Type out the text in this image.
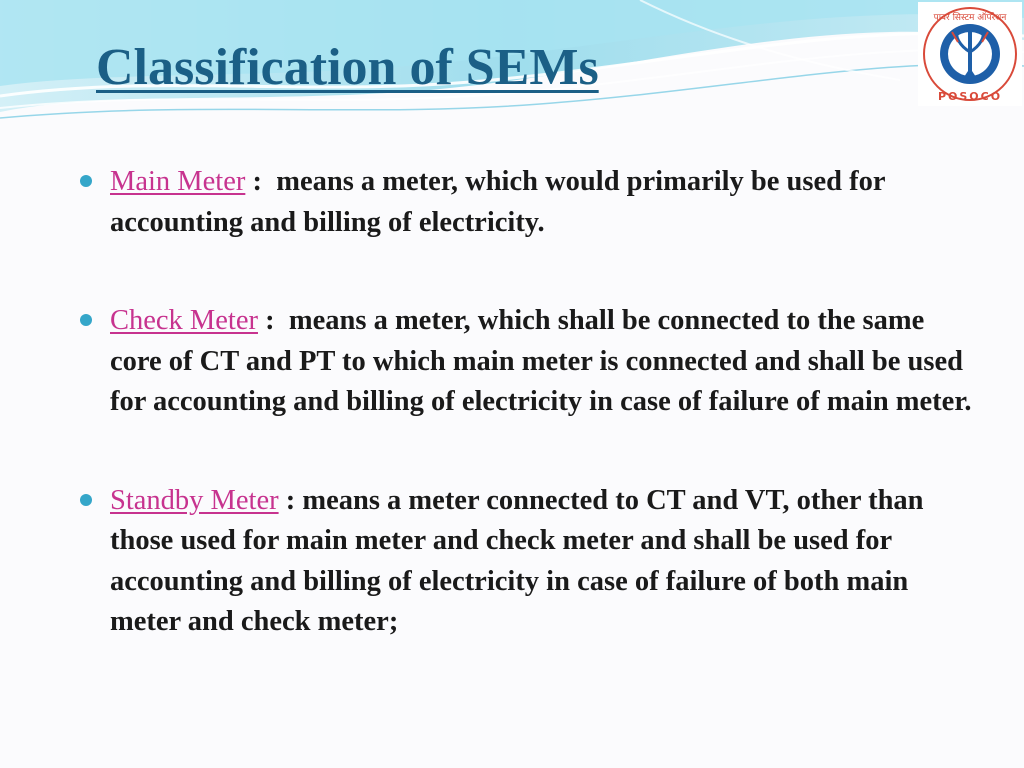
पावर सिस्टम ऑपरेशन
POSOCO
Classification of SEMs
Main Meter :  means a meter, which would primarily be used for accounting and billing of electricity.
Check Meter :  means a meter, which shall be connected to the same core of CT and PT to which main meter is connected and shall be used for accounting and billing of electricity in case of failure of main meter.
Standby Meter : means a meter connected to CT and VT, other than those used for main meter and check meter and shall be used for accounting and billing of electricity in case of failure of both main meter and check meter;
